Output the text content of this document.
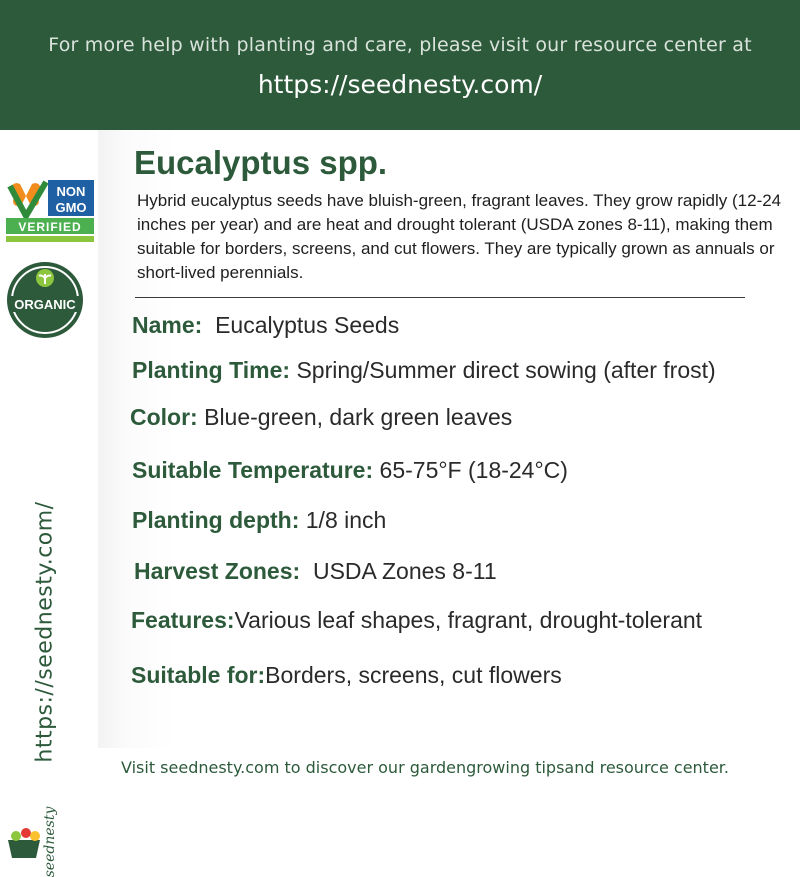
For more help with planting and care, please visit our resource center at
https://seednesty.com/
NON
GMO
VERIFIED
ORGANIC
https://seednesty.com/
seednesty
Eucalyptus spp.
Hybrid eucalyptus seeds have bluish-green, fragrant leaves. They grow rapidly (12-24 inches per year) and are heat and drought tolerant (USDA zones 8-11), making them suitable for borders, screens, and cut flowers. They are typically grown as annuals or short-lived perennials.
Name: Eucalyptus Seeds
Planting Time: Spring/Summer direct sowing (after frost)
Color: Blue-green, dark green leaves
Suitable Temperature: 65-75°F (18-24°C)
Planting depth: 1/8 inch
Harvest Zones: USDA Zones 8-11
Features:Various leaf shapes, fragrant, drought-tolerant
Suitable for:Borders, screens, cut flowers
Visit seednesty.com to discover our gardengrowing tipsand resource center.
